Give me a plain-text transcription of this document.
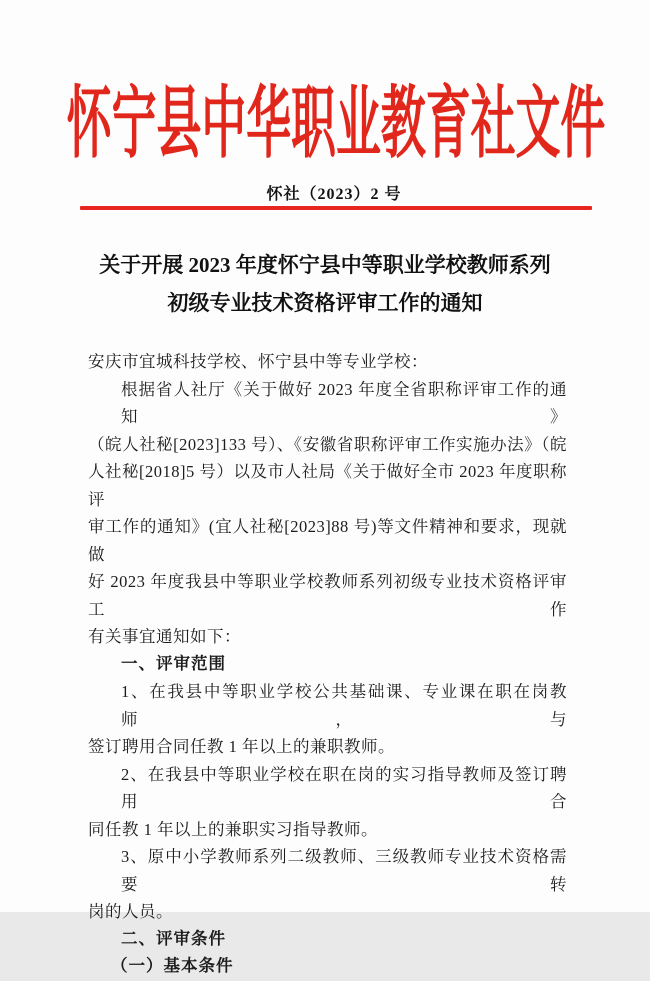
怀宁县中华职业教育社文件
怀社（2023）2 号
关于开展 2023 年度怀宁县中等职业学校教师系列
初级专业技术资格评审工作的通知
安庆市宜城科技学校、怀宁县中等专业学校：
根据省人社厅《关于做好 2023 年度全省职称评审工作的通知》
（皖人社秘[2023]133 号）、《安徽省职称评审工作实施办法》（皖
人社秘[2018]5 号）以及市人社局《关于做好全市 2023 年度职称评
审工作的通知》(宜人社秘[2023]88 号)等文件精神和要求，现就做
好 2023 年度我县中等职业学校教师系列初级专业技术资格评审工作
有关事宜通知如下：
一、评审范围
1、在我县中等职业学校公共基础课、专业课在职在岗教师，与
签订聘用合同任教 1 年以上的兼职教师。
2、在我县中等职业学校在职在岗的实习指导教师及签订聘用合
同任教 1 年以上的兼职实习指导教师。
3、原中小学教师系列二级教师、三级教师专业技术资格需要转
岗的人员。
二、评审条件
（一）基本条件
